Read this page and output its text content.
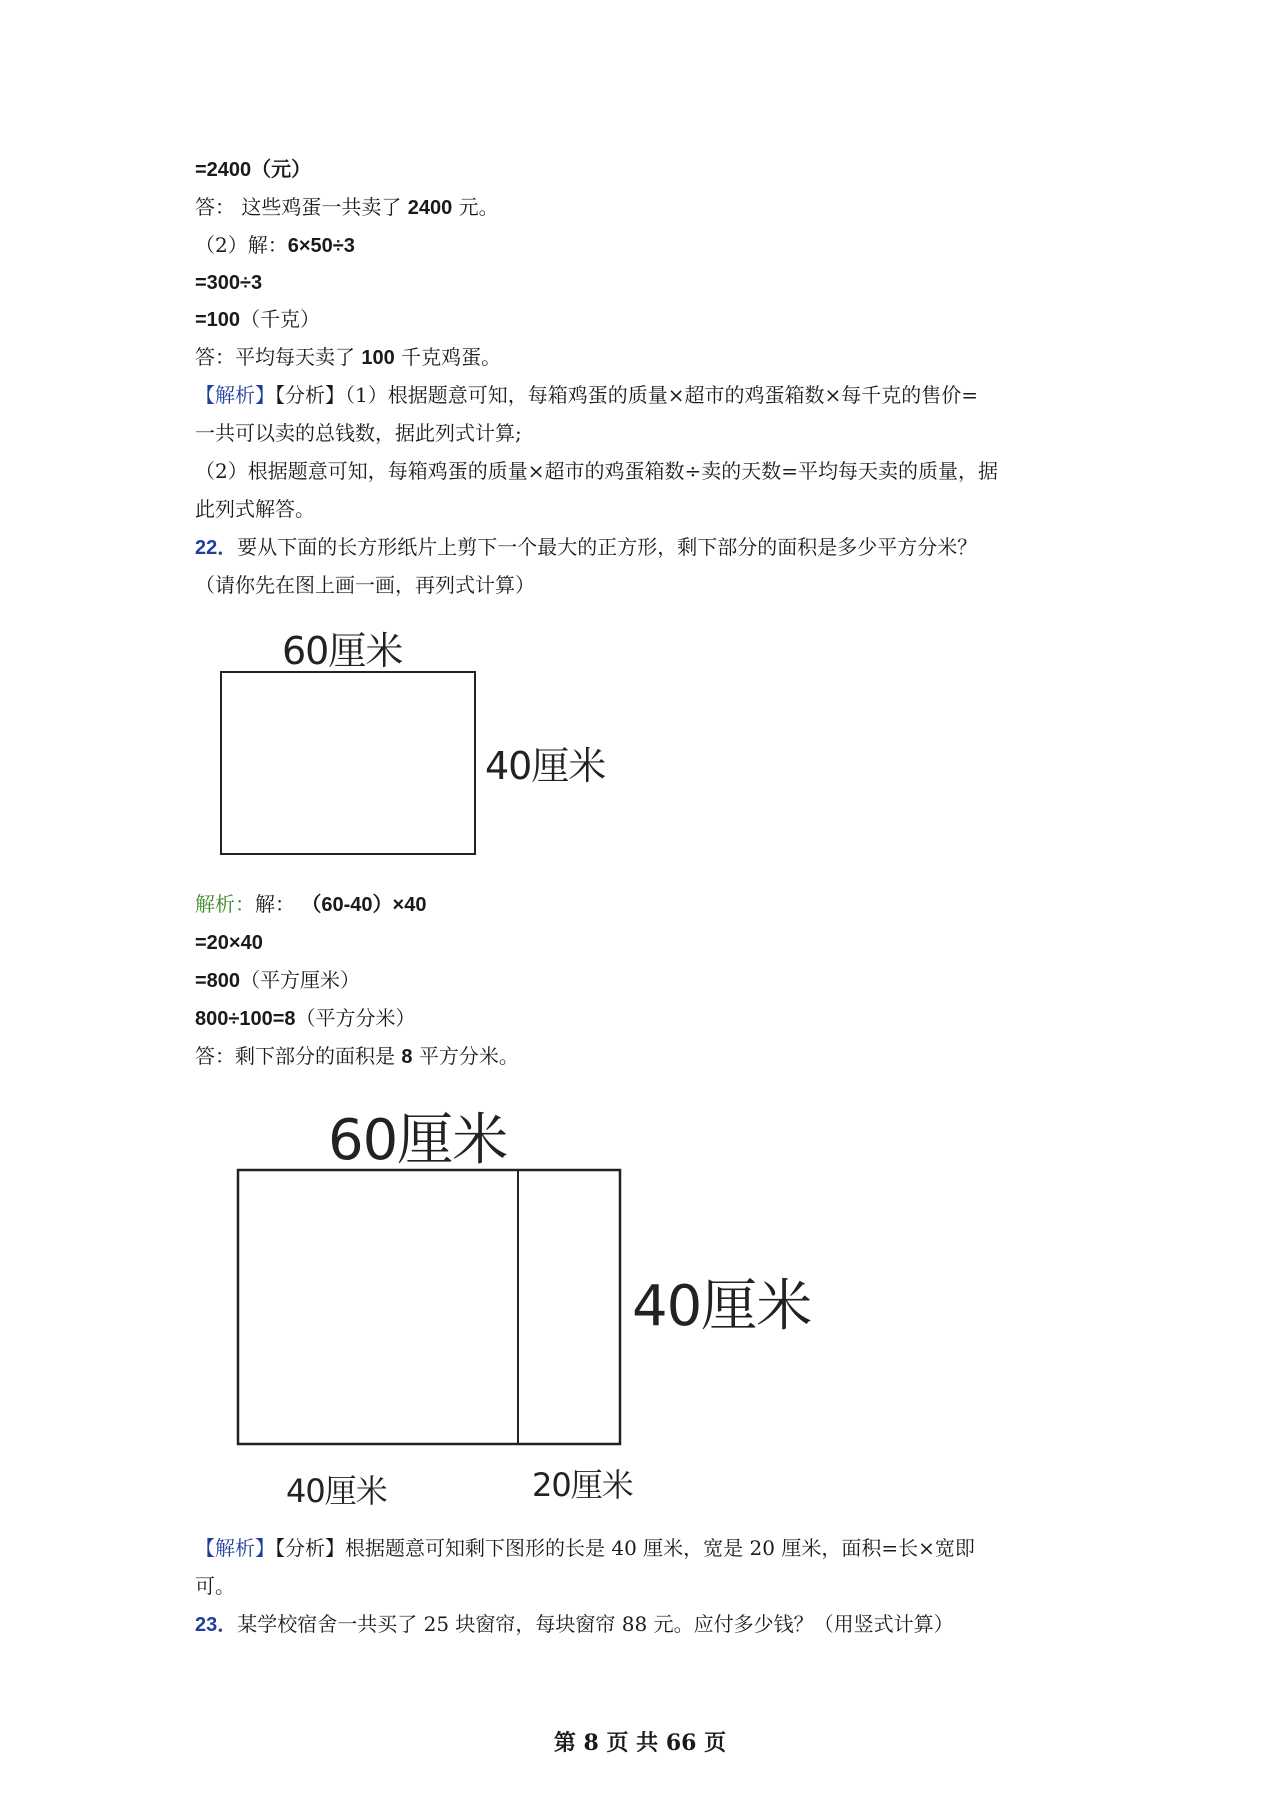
=2400（元）
答： 这些鸡蛋一共卖了 2400 元。
（2）解：6×50÷3
=300÷3
=100（千克）
答：平均每天卖了 100 千克鸡蛋。
【解析】【分析】（1）根据题意可知，每箱鸡蛋的质量×超市的鸡蛋箱数×每千克的售价=
一共可以卖的总钱数，据此列式计算;
（2）根据题意可知，每箱鸡蛋的质量×超市的鸡蛋箱数÷卖的天数=平均每天卖的质量，据
此列式解答。
22．要从下面的长方形纸片上剪下一个最大的正方形，剩下部分的面积是多少平方分米？
（请你先在图上画一画，再列式计算）
60厘米
40厘米
解析：解： （60-40）×40
=20×40
=800（平方厘米）
800÷100=8（平方分米）
答：剩下部分的面积是 8 平方分米。
60厘米
40厘米
40厘米	20厘米
【解析】【分析】根据题意可知剩下图形的长是 40 厘米，宽是 20 厘米，面积=长×宽即
可。
23．某学校宿舍一共买了 25 块窗帘，每块窗帘 88 元。应付多少钱？（用竖式计算）
第 8 页 共 66 页
